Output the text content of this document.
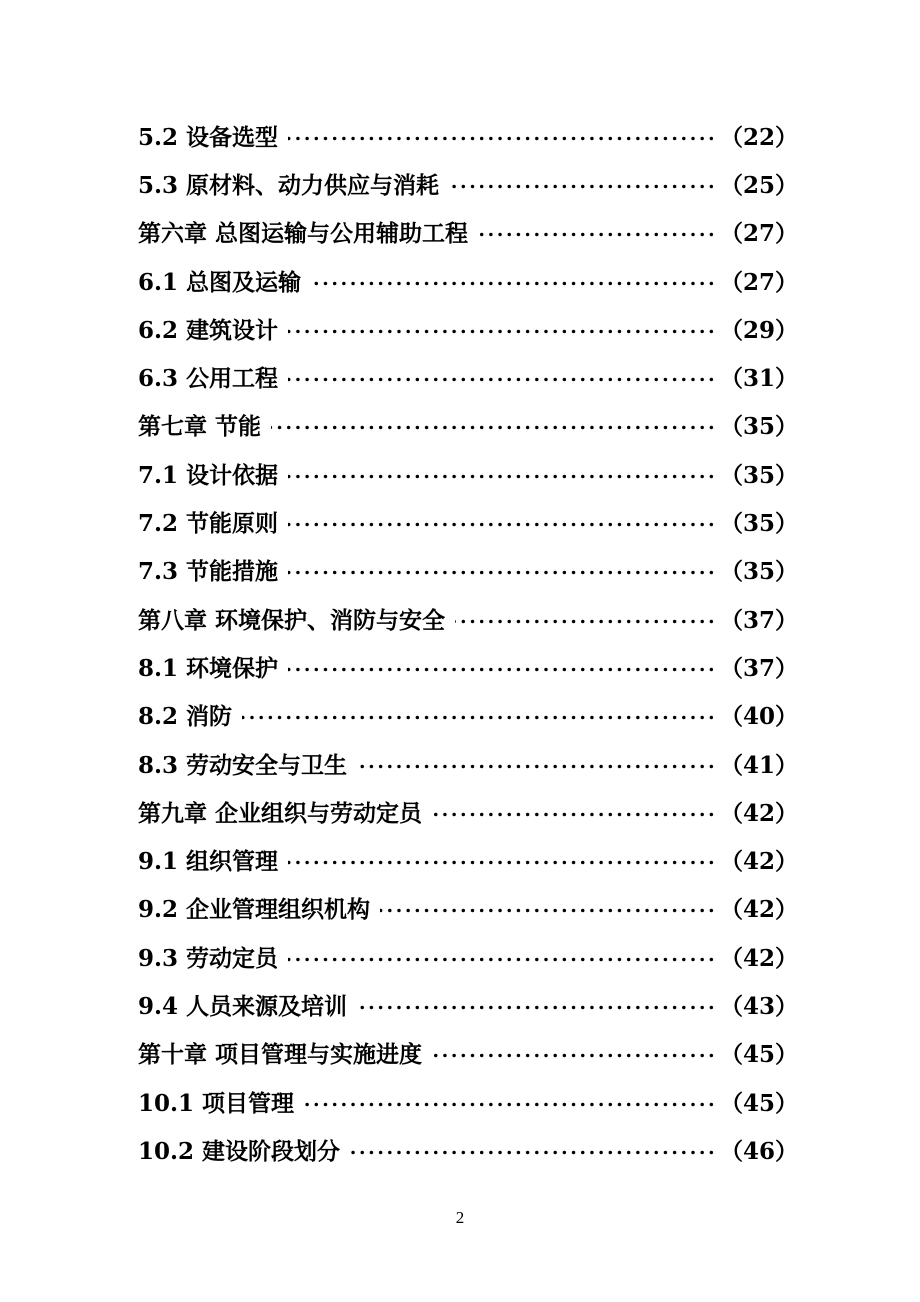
5.2 设备选型	（22）
5.3 原材料、动力供应与消耗	（25）
第六章 总图运输与公用辅助工程	（27）
6.1 总图及运输	（27）
6.2 建筑设计	（29）
6.3 公用工程	（31）
第七章 节能	（35）
7.1 设计依据	（35）
7.2 节能原则	（35）
7.3 节能措施	（35）
第八章 环境保护、消防与安全	（37）
8.1 环境保护	（37）
8.2 消防	（40）
8.3 劳动安全与卫生	（41）
第九章 企业组织与劳动定员	（42）
9.1 组织管理	（42）
9.2 企业管理组织机构	（42）
9.3 劳动定员	（42）
9.4 人员来源及培训	（43）
第十章 项目管理与实施进度	（45）
10.1 项目管理	（45）
10.2 建设阶段划分	（46）
2
